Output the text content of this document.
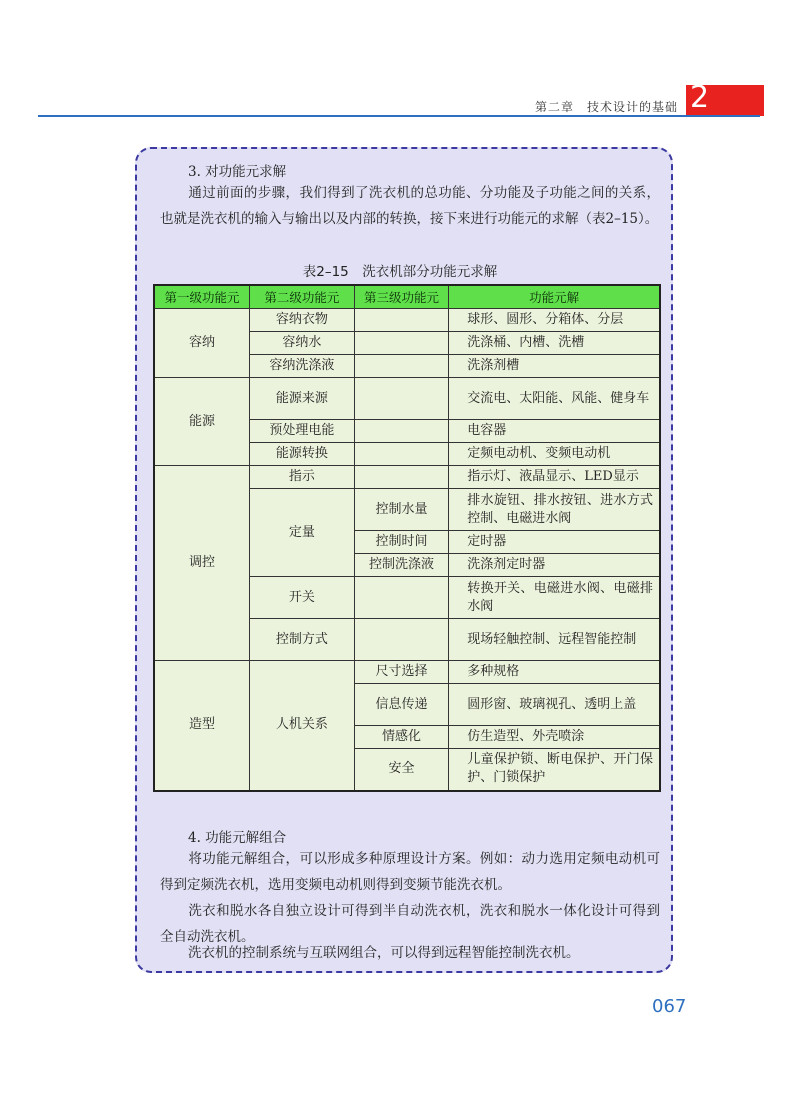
第二章　技术设计的基础 2
3. 对功能元求解

通过前面的步骤，我们得到了洗衣机的总功能、分功能及子功能之间的关系，也就是洗衣机的输入与输出以及内部的转换，接下来进行功能元的求解（表2–15）。

表2–15　洗衣机部分功能元求解
第一级功能元	第二级功能元	第三级功能元	功能元解
容纳	容纳衣物		球形、圆形、分箱体、分层
	容纳水		洗涤桶、内槽、洗槽
	容纳洗涤液		洗涤剂槽
能源	能源来源		交流电、太阳能、风能、健身车
	预处理电能		电容器
	能源转换		定频电动机、变频电动机
调控	指示		指示灯、液晶显示、LED显示
	定量	控制水量	排水旋钮、排水按钮、进水方式控制、电磁进水阀
		控制时间	定时器
		控制洗涤液	洗涤剂定时器
	开关		转换开关、电磁进水阀、电磁排水阀
	控制方式		现场轻触控制、远程智能控制
造型	人机关系	尺寸选择	多种规格
		信息传递	圆形窗、玻璃视孔、透明上盖
		情感化	仿生造型、外壳喷涂
		安全	儿童保护锁、断电保护、开门保护、门锁保护
4. 功能元解组合

将功能元解组合，可以形成多种原理设计方案。例如：动力选用定频电动机可得到定频洗衣机，选用变频电动机则得到变频节能洗衣机。

洗衣和脱水各自独立设计可得到半自动洗衣机，洗衣和脱水一体化设计可得到全自动洗衣机。

洗衣机的控制系统与互联网组合，可以得到远程智能控制洗衣机。

067
